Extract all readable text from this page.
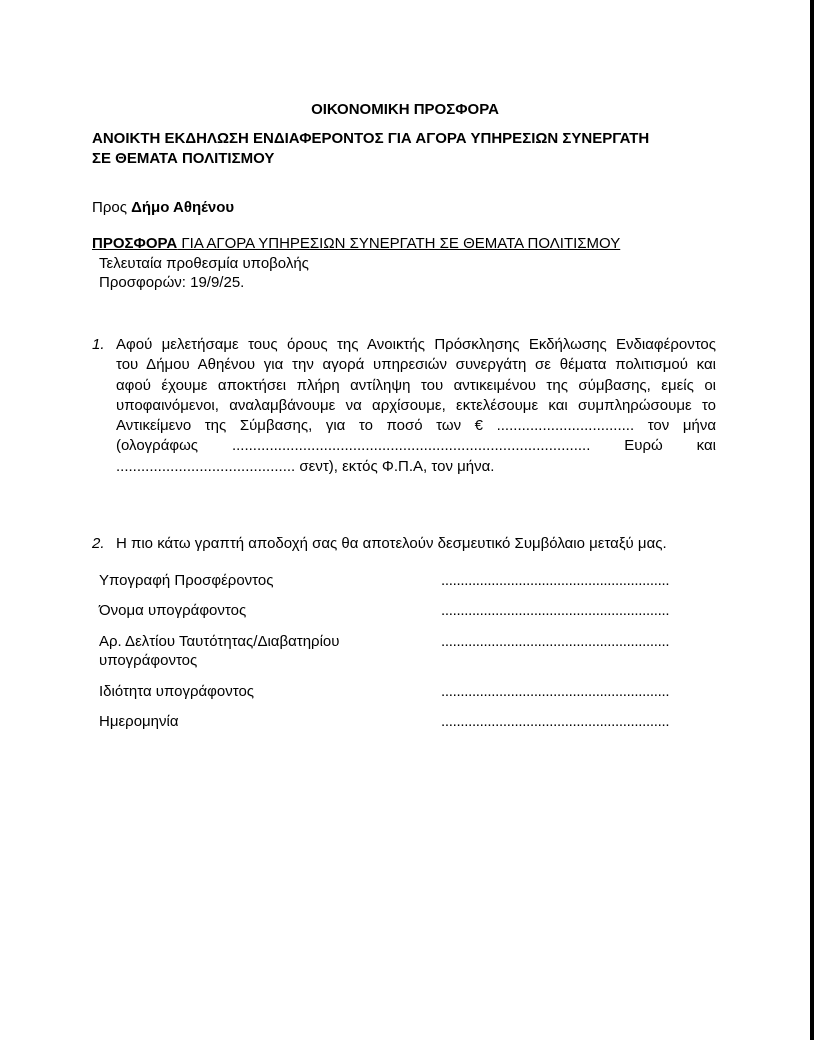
ΟΙΚΟΝΟΜΙΚΗ ΠΡΟΣΦΟΡΑ
ΑΝΟΙΚΤΗ ΕΚΔΗΛΩΣΗ ΕΝΔΙΑΦΕΡΟΝΤΟΣ ΓΙΑ ΑΓΟΡΑ ΥΠΗΡΕΣΙΩΝ ΣΥΝΕΡΓΑΤΗ
ΣΕ ΘΕΜΑΤΑ ΠΟΛΙΤΙΣΜΟΥ
Προς Δήμο Αθηένου
ΠΡΟΣΦΟΡΑ ΓΙΑ ΑΓΟΡΑ ΥΠΗΡΕΣΙΩΝ ΣΥΝΕΡΓΑΤΗ ΣΕ ΘΕΜΑΤΑ ΠΟΛΙΤΙΣΜΟΥ
Τελευταία προθεσμία υποβολής
Προσφορών: 19/9/25.
1. Αφού μελετήσαμε τους όρους της Ανοικτής Πρόσκλησης Εκδήλωσης Ενδιαφέροντος
του Δήμου Αθηένου για την αγορά υπηρεσιών συνεργάτη σε θέματα πολιτισμού και
αφού έχουμε αποκτήσει πλήρη αντίληψη του αντικειμένου της σύμβασης, εμείς οι
υποφαινόμενοι, αναλαμβάνουμε να αρχίσουμε, εκτελέσουμε και συμπληρώσουμε το
Αντικείμενο της Σύμβασης, για το ποσό των € ................................. τον μήνα
(ολογράφως ...................................................................................... Ευρώ και
........................................... σεντ), εκτός Φ.Π.Α, τον μήνα.
2. Η πιο κάτω γραπτή αποδοχή σας θα αποτελούν δεσμευτικό Συμβόλαιο μεταξύ μας.
Υπογραφή Προσφέροντος	...........................................................
Όνομα υπογράφοντος	...........................................................
Αρ. Δελτίου Ταυτότητας/Διαβατηρίου
υπογράφοντος
...........................................................
Ιδιότητα υπογράφοντος	...........................................................
Ημερομηνία	...........................................................
